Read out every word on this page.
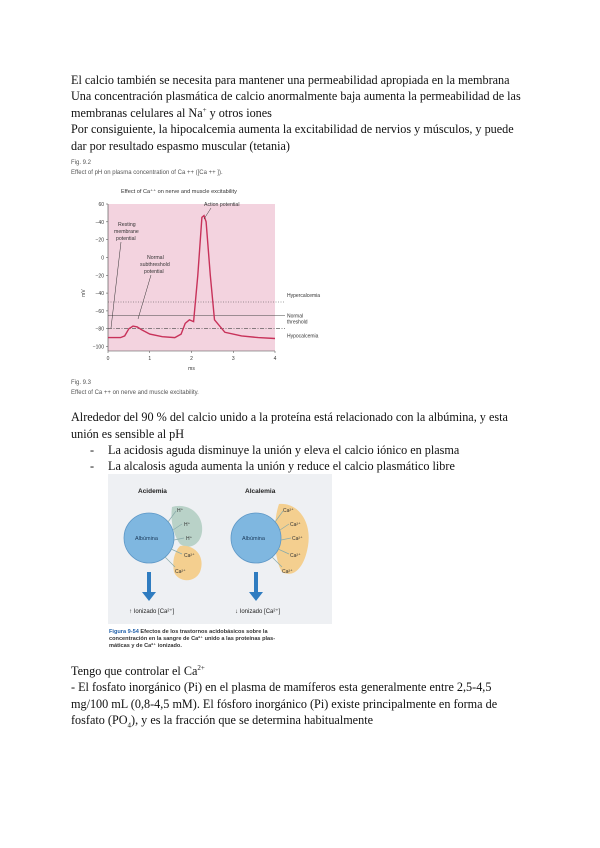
El calcio también se necesita para mantener una permeabilidad apropiada en la membrana
Una concentración plasmática de calcio anormalmente baja aumenta la permeabilidad de las
membranas celulares al Na+ y otros iones
Por consiguiente, la hipocalcemia aumenta la excitabilidad de nervios y músculos, y puede
dar por resultado espasmo muscular (tetania)
Fig. 9.2
Effect of pH on plasma concentration of Ca ++ ([Ca ++ ]).
Effect of Ca⁺⁺ on nerve and muscle excitability
60
−40
−20
0
−20
−40
−60
−80
−100
0	1	2	3	4
ms
mV
Action potential
Resting
membrane
potential
Normal
subthreshold
potential
Hypercalcemia
Normal
threshold
Hypocalcemia
Fig. 9.3
Effect of Ca ++ on nerve and muscle excitability.
Alrededor del 90 % del calcio unido a la proteína está relacionado con la albúmina, y esta
unión es sensible al pH
- La acidosis aguda disminuye la unión y eleva el calcio iónico en plasma
- La alcalosis aguda aumenta la unión y reduce el calcio plasmático libre
Acidemia	Alcalemia
Albúmina
H⁺
H⁺
H⁺
Ca²⁺
Ca²⁺
Albúmina
Ca²⁺
Ca²⁺
Ca²⁺
Ca²⁺
Ca²⁺
↑ Ionizado [Ca²⁺]	↓ Ionizado [Ca²⁺]
Figura 9-54 Efectos de los trastornos acidobásicos sobre la
concentración en la sangre de Ca²⁺ unido a las proteínas plas-
máticas y de Ca²⁺ ionizado.
Tengo que controlar el $Ca^{2+}$
- El fosfato inorgánico (Pi) en el plasma de mamíferos esta generalmente entre 2,5-4,5
mg/100 mL (0,8-4,5 mM). El fósforo inorgánico (Pi) existe principalmente en forma de
fosfato $(PO_4)$, y es la fracción que se determina habitualmente
